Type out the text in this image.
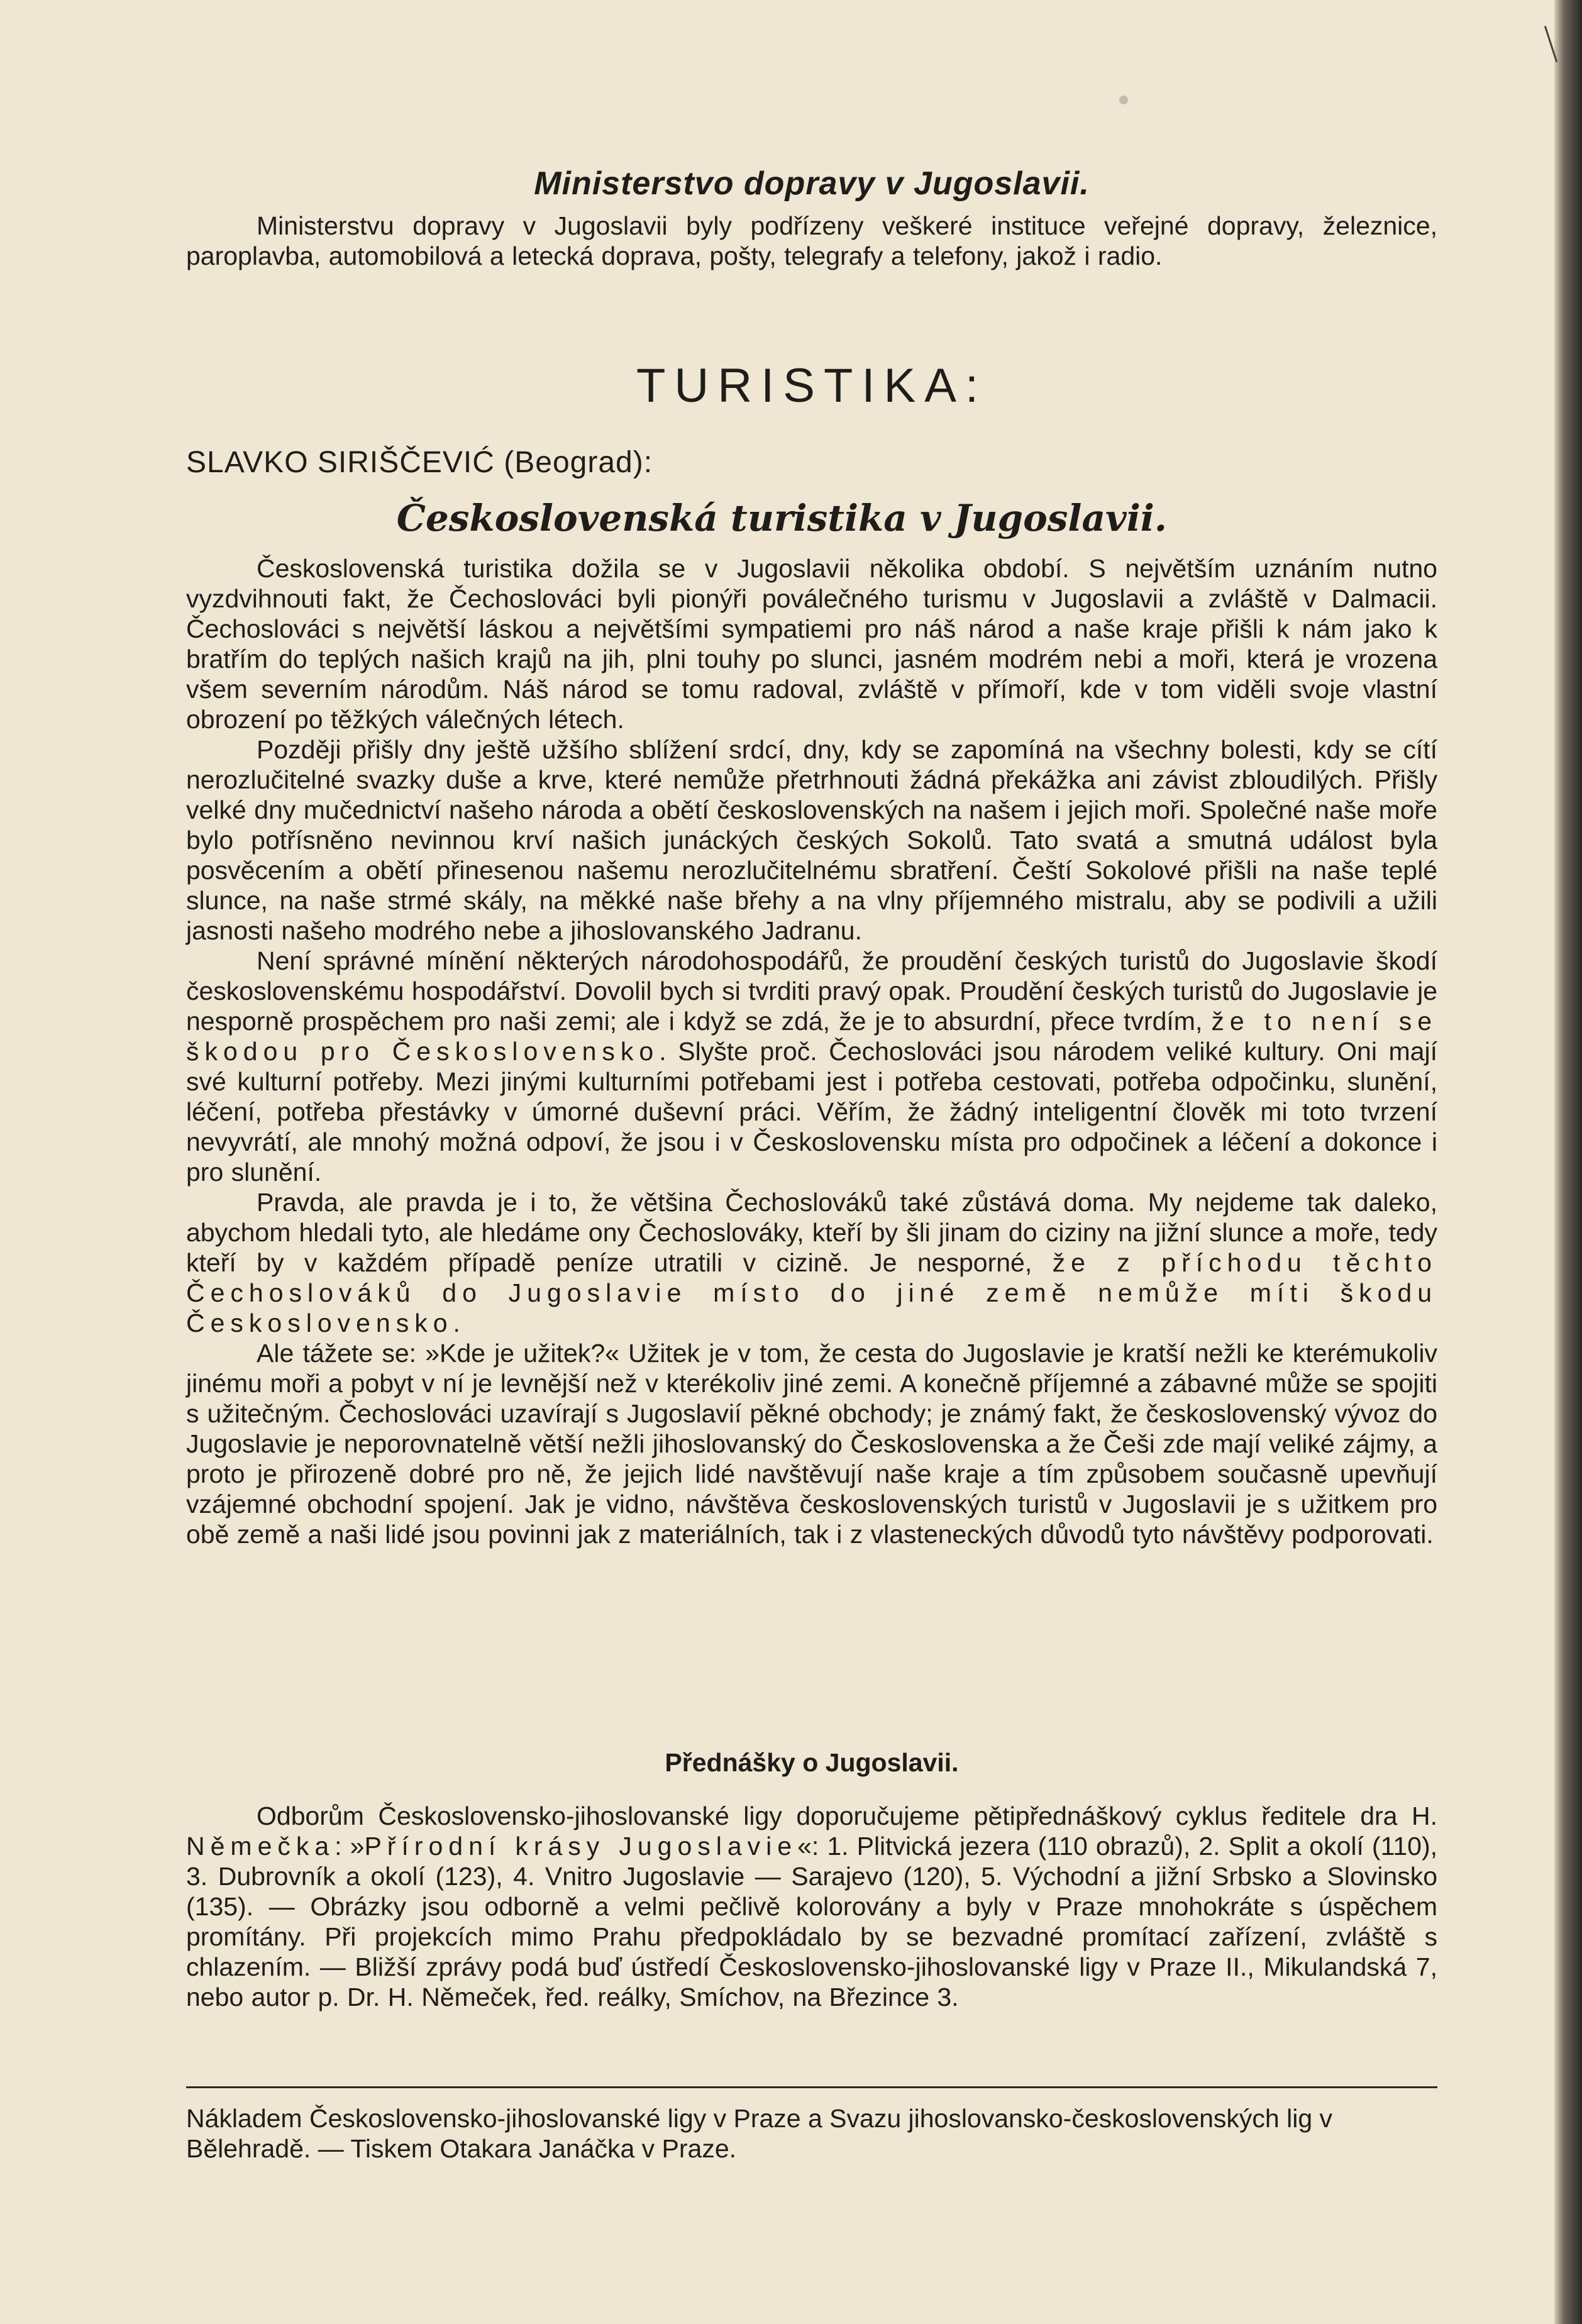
Ministerstvo dopravy v Jugoslavii.

Ministerstvu dopravy v Jugoslavii byly podřízeny veškeré instituce veřejné dopravy, železnice, paroplavba, automobilová a letecká doprava, pošty, telegrafy a telefony, jakož i radio.

TURISTIKA:
SLAVKO SIRIŠČEVIĆ (Beograd):
Československá turistika v Jugoslavii.

Československá turistika dožila se v Jugoslavii několika období. S největším uznáním nutno vyzdvihnouti fakt, že Čechoslováci byli pionýři poválečného turismu v Jugoslavii a zvláště v Dalmacii. Čechoslováci s největší láskou a největšími sympatiemi pro náš národ a naše kraje přišli k nám jako k bratřím do teplých našich krajů na jih, plni touhy po slunci, jasném modrém nebi a moři, která je vrozena všem severním národům. Náš národ se tomu radoval, zvláště v přímoří, kde v tom viděli svoje vlastní obrození po těžkých válečných létech.

Později přišly dny ještě užšího sblížení srdcí, dny, kdy se zapomíná na všechny bolesti, kdy se cítí nerozlučitelné svazky duše a krve, které nemůže přetrhnouti žádná překážka ani závist zbloudilých. Přišly velké dny mučednictví našeho národa a obětí československých na našem i jejich moři. Společné naše moře bylo potřísněno nevinnou krví našich junáckých českých Sokolů. Tato svatá a smutná událost byla posvěcením a obětí přinesenou našemu nerozlučitelnému sbratření. Čeští Sokolové přišli na naše teplé slunce, na naše strmé skály, na měkké naše břehy a na vlny příjemného mistralu, aby se podivili a užili jasnosti našeho modrého nebe a jihoslovanského Jadranu.

Není správné mínění některých národohospodářů, že proudění českých turistů do Jugoslavie škodí československému hospodářství. Dovolil bych si tvrditi pravý opak. Proudění českých turistů do Jugoslavie je nesporně prospěchem pro naši zemi; ale i když se zdá, že je to absurdní, přece tvrdím, že to není se škodou pro Československo. Slyšte proč. Čechoslováci jsou národem veliké kultury. Oni mají své kulturní potřeby. Mezi jinými kulturními potřebami jest i potřeba cestovati, potřeba odpočinku, slunění, léčení, potřeba přestávky v úmorné duševní práci. Věřím, že žádný inteligentní člověk mi toto tvrzení nevyvrátí, ale mnohý možná odpoví, že jsou i v Československu místa pro odpočinek a léčení a dokonce i pro slunění.

Pravda, ale pravda je i to, že většina Čechoslováků také zůstává doma. My nejdeme tak daleko, abychom hledali tyto, ale hledáme ony Čechoslováky, kteří by šli jinam do ciziny na jižní slunce a moře, tedy kteří by v každém případě peníze utratili v cizině. Je nesporné, že z příchodu těchto Čechoslováků do Jugoslavie místo do jiné země nemůže míti škodu Československo.

Ale tážete se: »Kde je užitek?« Užitek je v tom, že cesta do Jugoslavie je kratší nežli ke kterémukoliv jinému moři a pobyt v ní je levnější než v kterékoliv jiné zemi. A konečně příjemné a zábavné může se spojiti s užitečným. Čechoslováci uzavírají s Jugoslavií pěkné obchody; je známý fakt, že československý vývoz do Jugoslavie je neporovnatelně větší nežli jihoslovanský do Československa a že Češi zde mají veliké zájmy, a proto je přirozeně dobré pro ně, že jejich lidé navštěvují naše kraje a tím způsobem současně upevňují vzájemné obchodní spojení. Jak je vidno, návštěva československých turistů v Jugoslavii je s užitkem pro obě země a naši lidé jsou povinni jak z materiálních, tak i z vlasteneckých důvodů tyto návštěvy podporovati.

Přednášky o Jugoslavii.

Odborům Československo-jihoslovanské ligy doporučujeme pětipřednáškový cyklus ředitele dra H. Němečka: »Přírodní krásy Jugoslavie«: 1. Plitvická jezera (110 obrazů), 2. Split a okolí (110), 3. Dubrovník a okolí (123), 4. Vnitro Jugoslavie — Sarajevo (120), 5. Východní a jižní Srbsko a Slovinsko (135). — Obrázky jsou odborně a velmi pečlivě kolorovány a byly v Praze mnohokráte s úspěchem promítány. Při projekcích mimo Prahu předpokládalo by se bezvadné promítací zařízení, zvláště s chlazením. — Bližší zprávy podá buď ústředí Československo-jihoslovanské ligy v Praze II., Mikulandská 7, nebo autor p. Dr. H. Němeček, řed. reálky, Smíchov, na Březince 3.

Nákladem Československo-jihoslovanské ligy v Praze a Svazu jihoslovansko-československých lig v Bělehradě. — Tiskem Otakara Janáčka v Praze.
